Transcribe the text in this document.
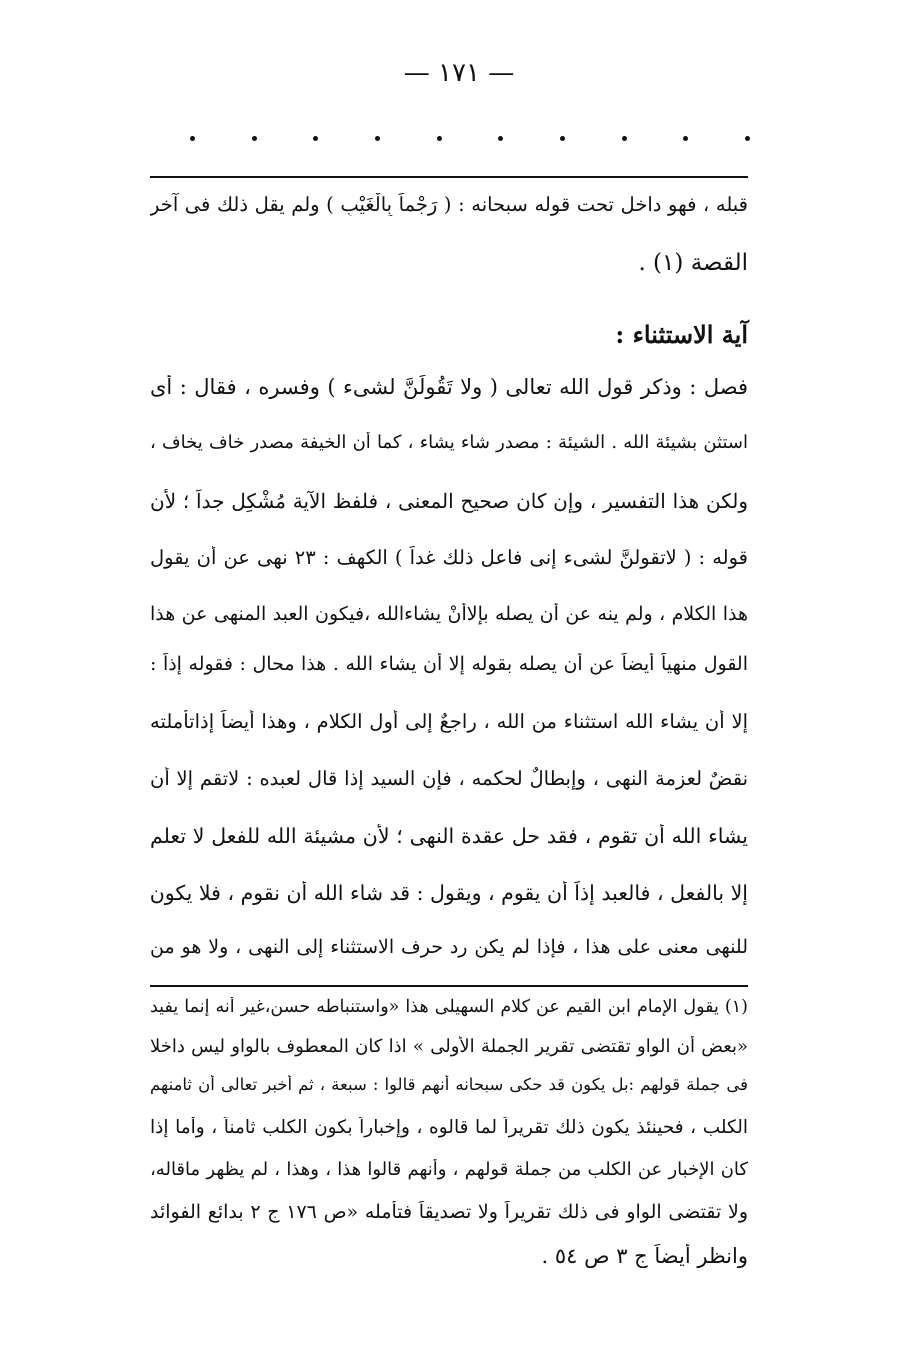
— ١٧١ —
قبله ، فهو داخل تحت قوله سبحانه : ( رَجْماً بِالْغَيْبِ ) ولم يقل ذلك فى آخر
القصة (١) .
آية الاستثناء :
فصل : وذكر قول الله تعالى ( ولا تَقُولَنَّ لشىء ) وفسره ، فقال : أى
استثن بشيئة الله . الشيئة : مصدر شاء يشاء ، كما أن الخيفة مصدر خاف يخاف ،
ولكن هذا التفسير ، وإن كان صحيح المعنى ، فلفظ الآية مُشْكِل جداً ؛ لأن
قوله : ( لاتقولنَّ لشىء إنى فاعل ذلك غداً ) الكهف : ٢٣ نهى عن أن يقول
هذا الكلام ، ولم ينه عن أن يصله بإلاأنْ يشاءالله ،فيكون العبد المنهى عن هذا
القول منهياً أيضاً عن أن يصله بقوله إلا أن يشاء الله . هذا محال : فقوله إذاً :
إلا أن يشاء الله استثناء من الله ، راجعٌ إلى أول الكلام ، وهذا أيضاً إذاتأملته
نقضٌ لعزمة النهى ، وإبطالٌ لحكمه ، فإن السيد إذا قال لعبده : لاتقم إلا أن
يشاء الله أن تقوم ، فقد حل عقدة النهى ؛ لأن مشيئة الله للفعل لا تعلم
إلا بالفعل ، فالعبد إذاً أن يقوم ، ويقول : قد شاء الله أن نقوم ، فلا يكون
للنهى معنى على هذا ، فإذا لم يكن رد حرف الاستثناء إلى النهى ، ولا هو من
(١) يقول الإمام ابن القيم عن كلام السهيلى هذا «واستنباطه حسن،غير أنه إنما يفيد
«بعض أن الواو تقتضى تقرير الجملة الأولى » اذا كان المعطوف بالواو ليس داخلا
فى جملة قولهم :بل يكون قد حكى سبحانه أنهم قالوا : سبعة ، ثم أخبر تعالى أن ثامنهم
الكلب ، فحينئذ يكون ذلك تقريراً لما قالوه ، وإخباراً بكون الكلب ثامناً ، وأما إذا
كان الإخبار عن الكلب من جملة قولهم ، وأنهم قالوا هذا ، وهذا ، لم يظهر ماقاله،
ولا تقتضى الواو فى ذلك تقريراً ولا تصديقاً فتأمله «ص ١٧٦ ج ٢ بدائع الفوائد
وانظر أيضاً ج ٣ ص ٥٤ .
